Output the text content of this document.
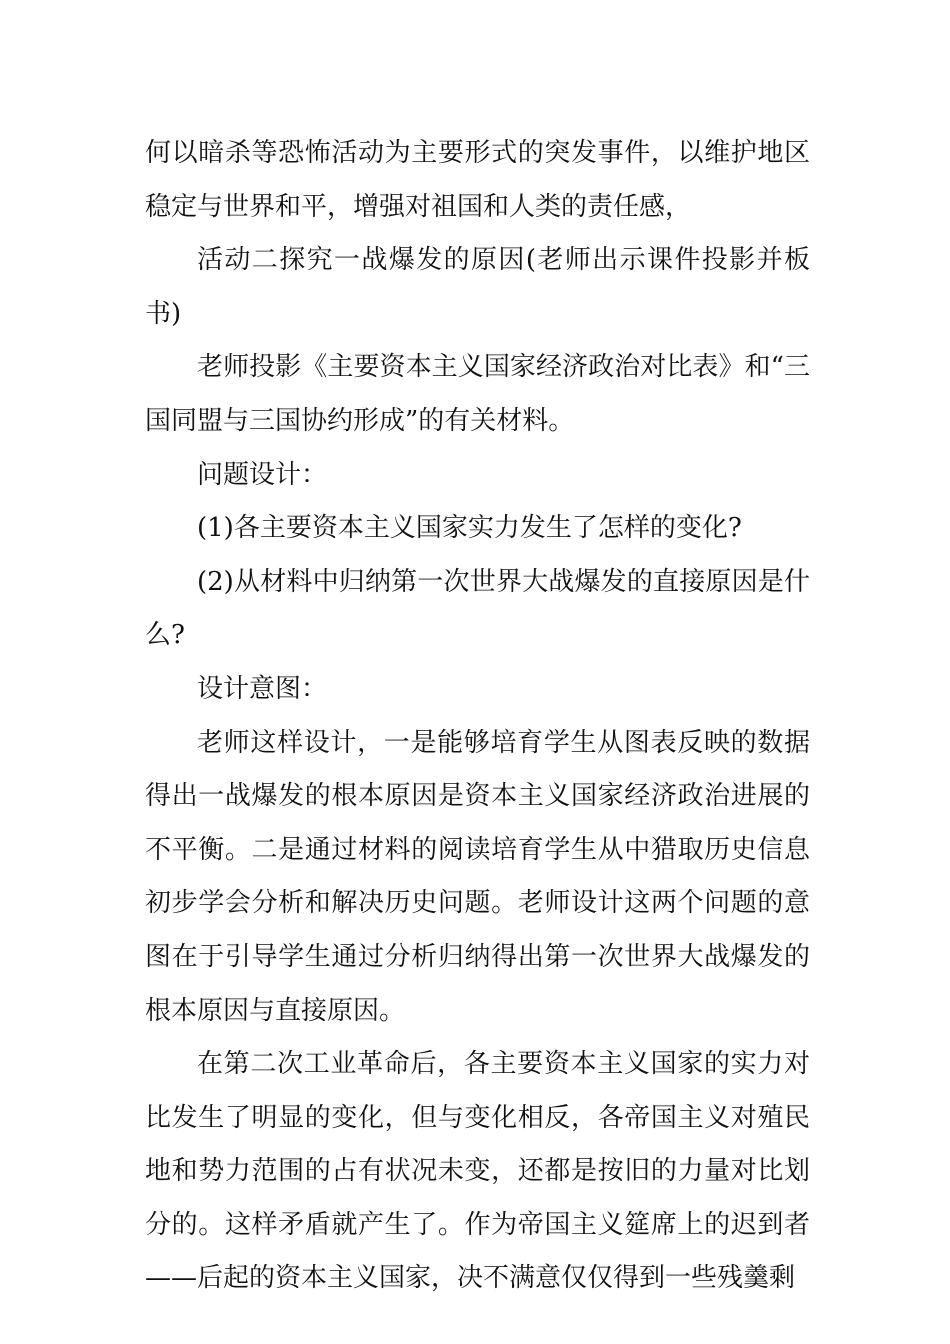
何以暗杀等恐怖活动为主要形式的突发事件，以维护地区稳定与世界和平，增强对祖国和人类的责任感，

活动二探究一战爆发的原因(老师出示课件投影并板书)

老师投影《主要资本主义国家经济政治对比表》和“三国同盟与三国协约形成”的有关材料。

问题设计：

(1)各主要资本主义国家实力发生了怎样的变化?

(2)从材料中归纳第一次世界大战爆发的直接原因是什么?

设计意图：

老师这样设计，一是能够培育学生从图表反映的数据得出一战爆发的根本原因是资本主义国家经济政治进展的不平衡。二是通过材料的阅读培育学生从中猎取历史信息初步学会分析和解决历史问题。老师设计这两个问题的意图在于引导学生通过分析归纳得出第一次世界大战爆发的根本原因与直接原因。

在第二次工业革命后，各主要资本主义国家的实力对比发生了明显的变化，但与变化相反，各帝国主义对殖民地和势力范围的占有状况未变，还都是按旧的力量对比划分的。这样矛盾就产生了。作为帝国主义筵席上的迟到者——后起的资本主义国家，决不满意仅仅得到一些残羹剩
